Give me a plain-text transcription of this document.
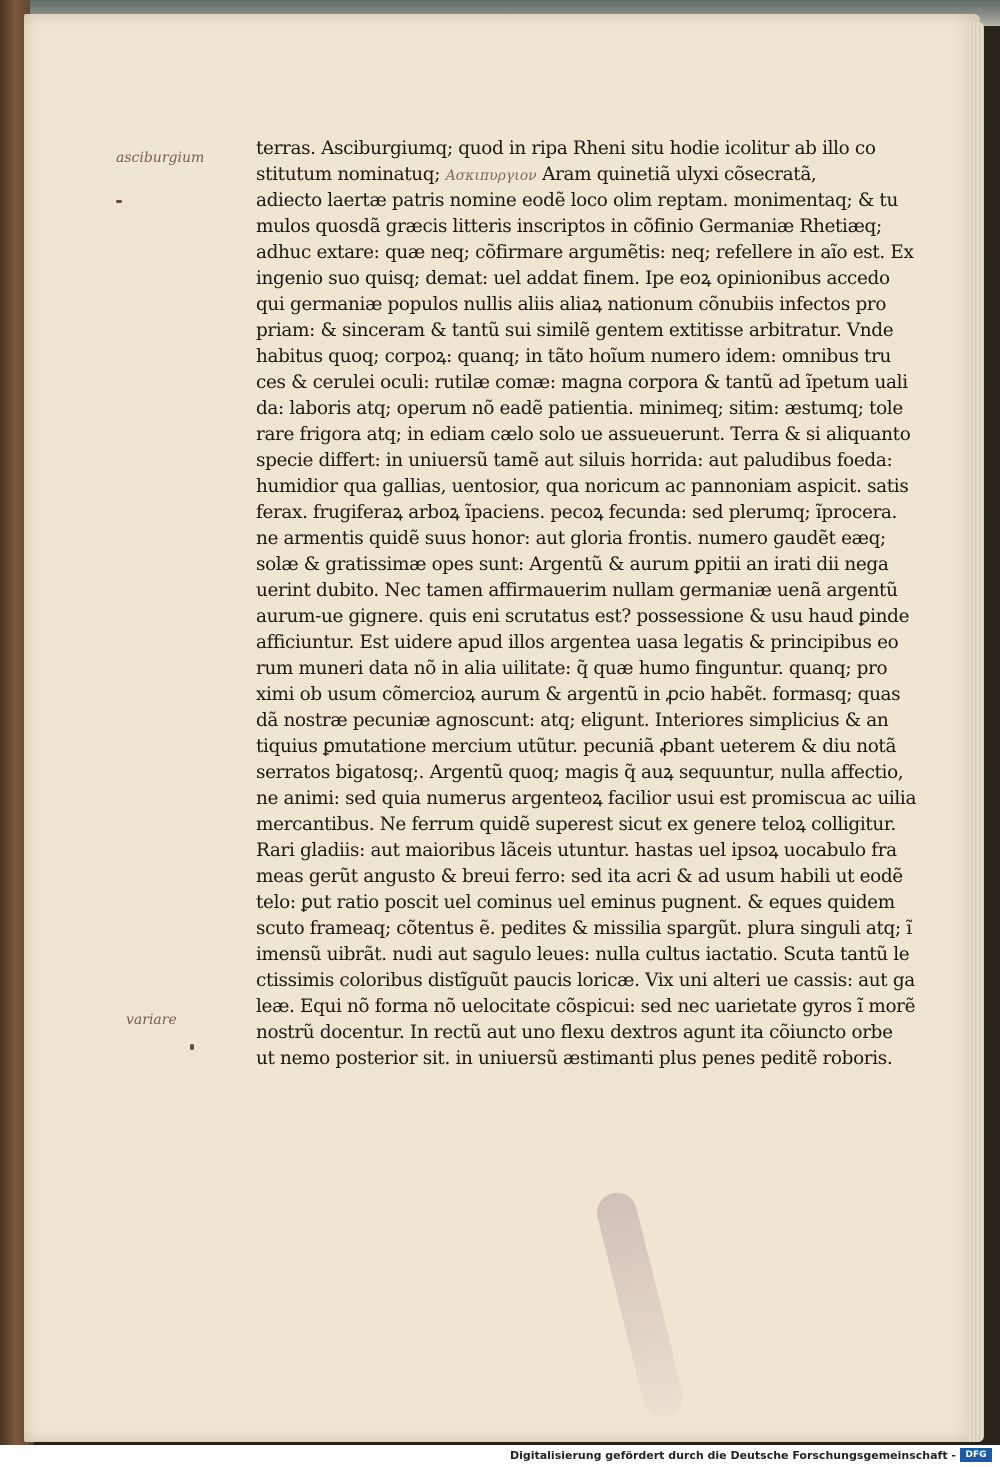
asciburgium
variare
terras. Asciburgiumq; quod in ripa Rheni situ hodie icolitur ab illo co
stitutum nominatuq; Ασκιπυργιον Aram quinetiã ulyxi cõsecratã,
adiecto laertæ patris nomine eodẽ loco olim reptam. monimentaq; & tu
mulos quosdã græcis litteris inscriptos in cõfinio Germaniæ Rhetiæq;
adhuc extare: quæ neq; cõfirmare argumẽtis: neq; refellere in aĩo est. Ex
ingenio suo quisq; demat: uel addat finem. Ipe eoꝝ opinionibus accedo
qui germaniæ populos nullis aliis aliaꝝ nationum cõnubiis infectos pro
priam: & sinceram & tantũ sui similẽ gentem extitisse arbitratur. Vnde
habitus quoq; corpoꝝ: quanq; in tãto hoĩum numero idem: omnibus tru
ces & cerulei oculi: rutilæ comæ: magna corpora & tantũ ad ĩpetum uali
da: laboris atq; operum nõ eadẽ patientia. minimeq; sitim: æstumq; tole
rare frigora atq; in ediam cælo solo ue assueuerunt. Terra & si aliquanto
specie differt: in uniuersũ tamẽ aut siluis horrida: aut paludibus foeda:
humidior qua gallias, uentosior, qua noricum ac pannoniam aspicit. satis
ferax. frugiferaꝝ arboꝝ ĩpaciens. pecoꝝ fecunda: sed plerumq; ĩprocera.
ne armentis quidẽ suus honor: aut gloria frontis. numero gaudẽt eæq;
solæ & gratissimæ opes sunt: Argentũ & aurum ꝑpitii an irati dii nega
uerint dubito. Nec tamen affirmauerim nullam germaniæ uenã argentũ
aurum-ue gignere. quis eni scrutatus est? possessione & usu haud ꝑinde
afficiuntur. Est uidere apud illos argentea uasa legatis & principibus eo
rum muneri data nõ in alia uilitate: q̃ quæ humo finguntur. quanq; pro
ximi ob usum cõmercioꝝ aurum & argentũ in ꝓcio habẽt. formasq; quas
dã nostræ pecuniæ agnoscunt: atq; eligunt. Interiores simplicius & an
tiquius ꝑmutatione mercium utũtur. pecuniã ꝓbant ueterem & diu notã
serratos bigatosq;. Argentũ quoq; magis q̃ auꝝ sequuntur, nulla affectio,
ne animi: sed quia numerus argenteoꝝ facilior usui est promiscua ac uilia
mercantibus. Ne ferrum quidẽ superest sicut ex genere teloꝝ colligitur.
Rari gladiis: aut maioribus lãceis utuntur. hastas uel ipsoꝝ uocabulo fra
meas gerũt angusto & breui ferro: sed ita acri & ad usum habili ut eodẽ
telo: ꝑut ratio poscit uel cominus uel eminus pugnent. & eques quidem
scuto frameaq; cõtentus ẽ. pedites & missilia spargũt. plura singuli atq; ĩ
imensũ uibrãt. nudi aut sagulo leues: nulla cultus iactatio. Scuta tantũ le
ctissimis coloribus distĩguũt paucis loricæ. Vix uni alteri ue cassis: aut ga
leæ. Equi nõ forma nõ uelocitate cõspicui: sed nec uarietate gyros ĩ morẽ
nostrũ docentur. In rectũ aut uno flexu dextros agunt ita cõiuncto orbe
ut nemo posterior sit. in uniuersũ æstimanti plus penes peditẽ roboris.
Digitalisierung gefördert durch die Deutsche Forschungsgemeinschaft -	DFG
